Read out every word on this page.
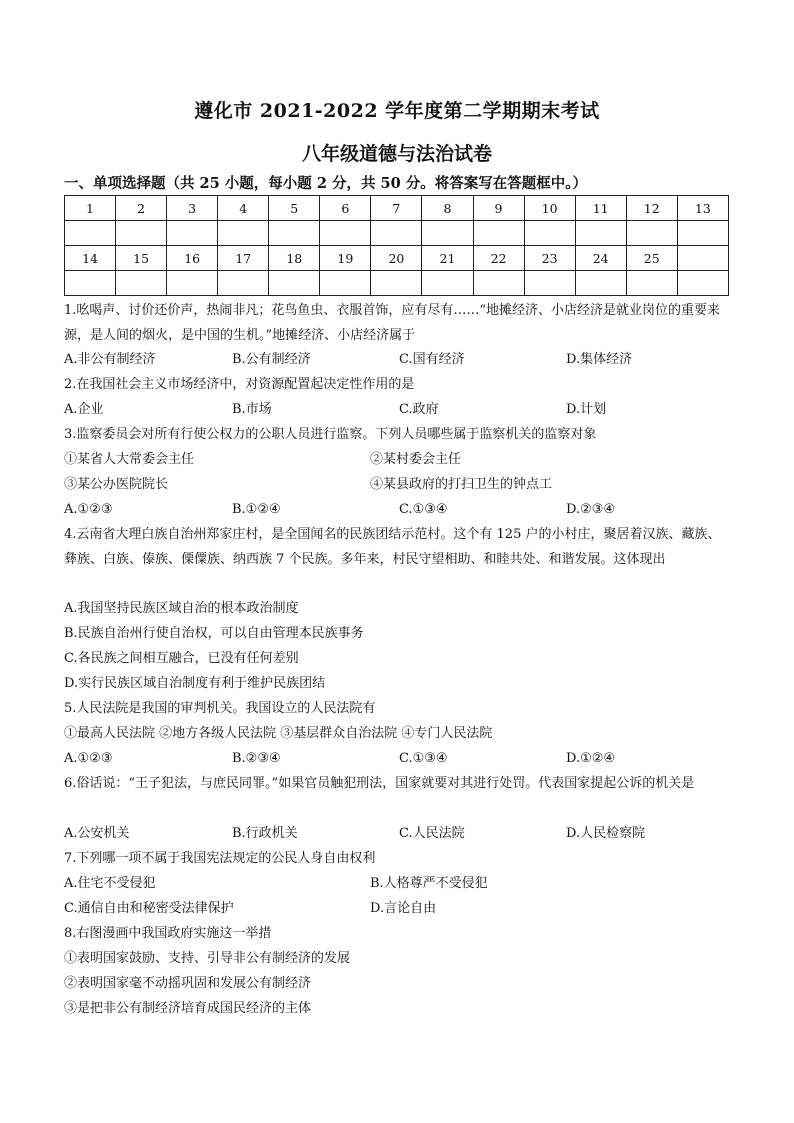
遵化市 2021-2022 学年度第二学期期末考试
八年级道德与法治试卷
一、单项选择题（共 25 小题，每小题 2 分，共 50 分。将答案写在答题框中。）
1	2	3	4	5	6	7	8	9	10	11	12	13

14	15	16	17	18	19	20	21	22	23	24	25	

1.吆喝声、讨价还价声，热闹非凡；花鸟鱼虫、衣服首饰，应有尽有……“地摊经济、小店经济是就业岗位的重要来源，是人间的烟火，是中国的生机。”地摊经济、小店经济属于
A.非公有制经济	B.公有制经济	C.国有经济	D.集体经济
2.在我国社会主义市场经济中，对资源配置起决定性作用的是
A.企业	B.市场	C.政府	D.计划
3.监察委员会对所有行使公权力的公职人员进行监察。下列人员哪些属于监察机关的监察对象
①某省人大常委会主任	②某村委会主任
③某公办医院院长	④某县政府的打扫卫生的钟点工
A.①②③	B.①②④	C.①③④	D.②③④
4.云南省大理白族自治州郑家庄村，是全国闻名的民族团结示范村。这个有 125 户的小村庄，聚居着汉族、藏族、彝族、白族、傣族、傈僳族、纳西族 7 个民族。多年来，村民守望相助、和睦共处、和谐发展。这体现出
A.我国坚持民族区域自治的根本政治制度
B.民族自治州行使自治权，可以自由管理本民族事务
C.各民族之间相互融合，已没有任何差别
D.实行民族区域自治制度有利于维护民族团结
5.人民法院是我国的审判机关。我国设立的人民法院有
①最高人民法院 ②地方各级人民法院 ③基层群众自治法院 ④专门人民法院
A.①②③	B.②③④	C.①③④	D.①②④
6.俗话说：“王子犯法，与庶民同罪。”如果官员触犯刑法，国家就要对其进行处罚。代表国家提起公诉的机关是
A.公安机关	B.行政机关	C.人民法院	D.人民检察院
7.下列哪一项不属于我国宪法规定的公民人身自由权利
A.住宅不受侵犯	B.人格尊严不受侵犯
C.通信自由和秘密受法律保护	D.言论自由
8.右图漫画中我国政府实施这一举措
①表明国家鼓励、支持、引导非公有制经济的发展
②表明国家毫不动摇巩固和发展公有制经济
③是把非公有制经济培育成国民经济的主体
